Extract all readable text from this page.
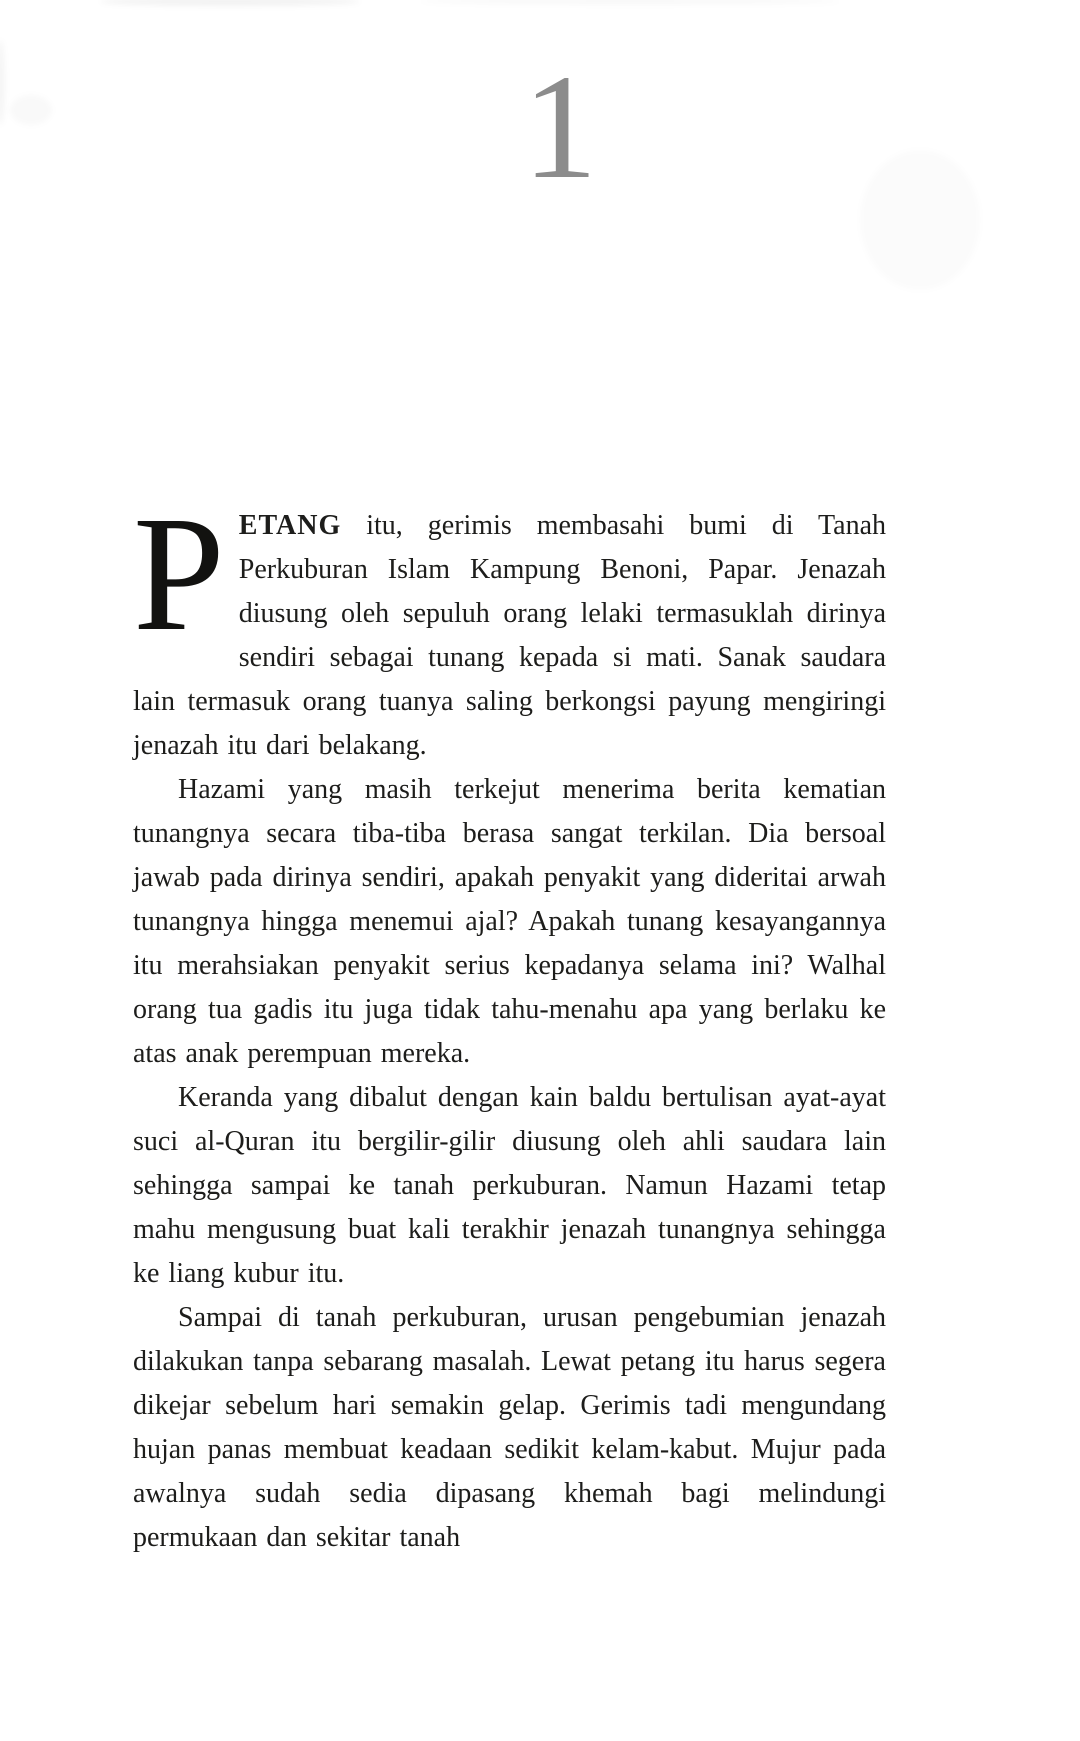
1

PETANG itu, gerimis membasahi bumi di Tanah Perkuburan Islam Kampung Benoni, Papar. Jenazah diusung oleh sepuluh orang lelaki termasuklah dirinya sendiri sebagai tunang kepada si mati. Sanak saudara lain termasuk orang tuanya saling berkongsi payung mengiringi jenazah itu dari belakang.

Hazami yang masih terkejut menerima berita kematian tunangnya secara tiba-tiba berasa sangat terkilan. Dia bersoal jawab pada dirinya sendiri, apakah penyakit yang dideritai arwah tunangnya hingga menemui ajal? Apakah tunang kesayangannya itu merahsiakan penyakit serius kepadanya selama ini? Walhal orang tua gadis itu juga tidak tahu-menahu apa yang berlaku ke atas anak perempuan mereka.

Keranda yang dibalut dengan kain baldu bertulisan ayat-ayat suci al-Quran itu bergilir-gilir diusung oleh ahli saudara lain sehingga sampai ke tanah perkuburan. Namun Hazami tetap mahu mengusung buat kali terakhir jenazah tunangnya sehingga ke liang kubur itu.

Sampai di tanah perkuburan, urusan pengebumian jenazah dilakukan tanpa sebarang masalah. Lewat petang itu harus segera dikejar sebelum hari semakin gelap. Gerimis tadi mengundang hujan panas membuat keadaan sedikit kelam-kabut. Mujur pada awalnya sudah sedia dipasang khemah bagi melindungi permukaan dan sekitar tanah
